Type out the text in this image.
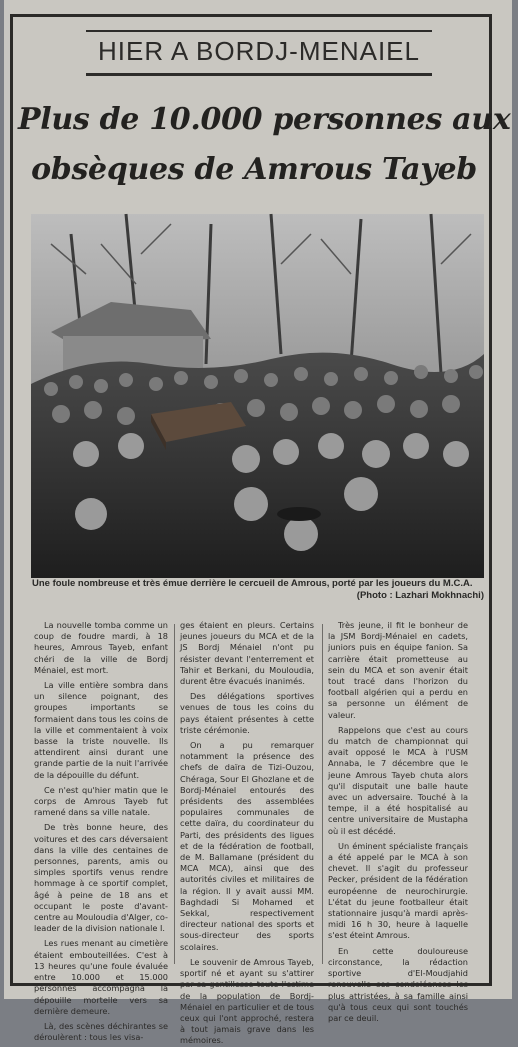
HIER A BORDJ-MENAIEL
Plus de 10.000 personnes aux
obsèques de Amrous Tayeb
Une foule nombreuse et très émue derrière le cercueil de Amrous, porté par les joueurs du M.C.A.
(Photo : Lazhari Mokhnachi)

La nouvelle tomba comme un coup de foudre mardi, à 18 heures, Amrous Tayeb, enfant chéri de la ville de Bordj Ménaiel, est mort.

La ville entière sombra dans un silence poignant, des groupes importants se formaient dans tous les coins de la ville et commentaient à voix basse la triste nouvelle. Ils attendirent ainsi durant une grande partie de la nuit l'arrivée de la dépouille du défunt.

Ce n'est qu'hier matin que le corps de Amrous Tayeb fut ramené dans sa ville natale.

De très bonne heure, des voitures et des cars déversaient dans la ville des centaines de personnes, parents, amis ou simples sportifs venus rendre hommage à ce sportif complet, âgé à peine de 18 ans et occupant le poste d'avant-centre au Mouloudia d'Alger, co-leader de la division nationale I.

Les rues menant au cimetière étaient embouteillées. C'est à 13 heures qu'une foule évaluée entre 10.000 et 15.000 personnes accompagna la dépouille mortelle vers sa dernière demeure.

Là, des scènes déchirantes se déroulèrent : tous les visa-

ges étaient en pleurs. Certains jeunes joueurs du MCA et de la JS Bordj Ménaiel n'ont pu résister devant l'enterrement et Tahir et Berkani, du Mouloudia, durent être évacués inanimés.

Des délégations sportives venues de tous les coins du pays étaient présentes à cette triste cérémonie.

On a pu remarquer notamment la présence des chefs de daïra de Tizi-Ouzou, Chéraga, Sour El Ghozlane et de Bordj-Ménaiel entourés des présidents des assemblées populaires communales de cette daïra, du coordinateur du Parti, des présidents des ligues et de la fédération de football, de M. Ballamane (président du MCA MCA), ainsi que des autorités civiles et militaires de la région. Il y avait aussi MM. Baghdadi Si Mohamed et Sekkal, respectivement directeur national des sports et sous-directeur des sports scolaires.

Le souvenir de Amrous Tayeb, sportif né et ayant su s'attirer par sa gentillesse toute l'estime de la population de Bordj-Ménaiel en particulier et de tous ceux qui l'ont approché, restera à tout jamais grave dans les mémoires.

Très jeune, il fit le bonheur de la JSM Bordj-Ménaiel en cadets, juniors puis en équipe fanion. Sa carrière était prometteuse au sein du MCA et son avenir était tout tracé dans l'horizon du football algérien qui a perdu en sa personne un élément de valeur.

Rappelons que c'est au cours du match de championnat qui avait opposé le MCA à l'USM Annaba, le 7 décembre que le jeune Amrous Tayeb chuta alors qu'il disputait une balle haute avec un adversaire. Touché à la tempe, il a été hospitalisé au centre universitaire de Mustapha où il est décédé.

Un éminent spécialiste français a été appelé par le MCA à son chevet. Il s'agit du professeur Pecker, président de la fédération européenne de neurochirurgie. L'état du jeune footballeur était stationnaire jusqu'à mardi après-midi 16 h 30, heure à laquelle s'est éteint Amrous.

En cette douloureuse circonstance, la rédaction sportive d'El-Moudjahid renouvelle ses condoléances les plus attristées, à sa famille ainsi qu'à tous ceux qui sont touchés par ce deuil.
